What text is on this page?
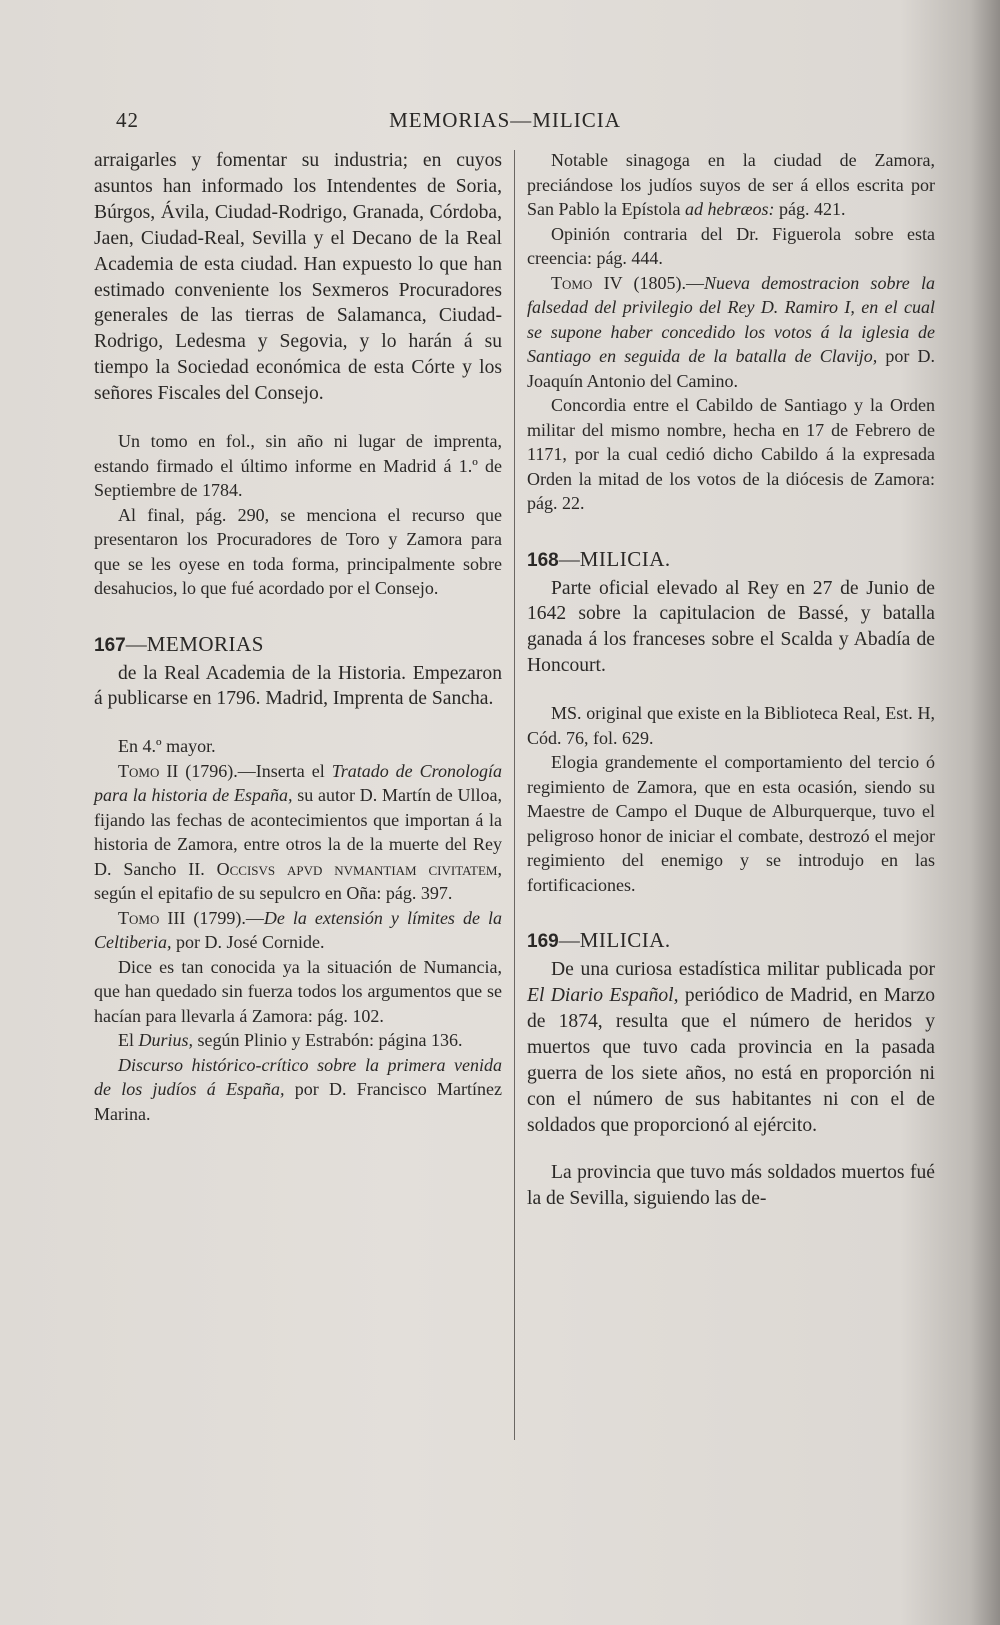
42	MEMORIAS—MILICIA

arraigarles y fomentar su industria; en cuyos asuntos han informado los Intendentes de Soria, Búrgos, Ávila, Ciudad-Rodrigo, Granada, Córdoba, Jaen, Ciudad-Real, Sevilla y el Decano de la Real Academia de esta ciudad. Han expuesto lo que han estimado conveniente los Sexmeros Procuradores generales de las tierras de Salamanca, Ciudad-Rodrigo, Ledesma y Segovia, y lo harán á su tiempo la Sociedad económica de esta Córte y los señores Fiscales del Consejo.

Un tomo en fol., sin año ni lugar de imprenta, estando firmado el último informe en Madrid á 1.º de Septiembre de 1784.

Al final, pág. 290, se menciona el recurso que presentaron los Procuradores de Toro y Zamora para que se les oyese en toda forma, principalmente sobre desahucios, lo que fué acordado por el Consejo.

167—MEMORIAS

de la Real Academia de la Historia. Empezaron á publicarse en 1796. Madrid, Imprenta de Sancha.

En 4.º mayor.

Tomo II (1796).—Inserta el Tratado de Cronología para la historia de España, su autor D. Martín de Ulloa, fijando las fechas de acontecimientos que importan á la historia de Zamora, entre otros la de la muerte del Rey D. Sancho II. Occisvs apvd nvmantiam civitatem, según el epitafio de su sepulcro en Oña: pág. 397.

Tomo III (1799).—De la extensión y límites de la Celtiberia, por D. José Cornide.

Dice es tan conocida ya la situación de Numancia, que han quedado sin fuerza todos los argumentos que se hacían para llevarla á Zamora: pág. 102.

El Durius, según Plinio y Estrabón: página 136.

Discurso histórico-crítico sobre la primera venida de los judíos á España, por D. Francisco Martínez Marina.

Notable sinagoga en la ciudad de Zamora, preciándose los judíos suyos de ser á ellos escrita por San Pablo la Epístola ad hebræos: pág. 421.

Opinión contraria del Dr. Figuerola sobre esta creencia: pág. 444.

Tomo IV (1805).—Nueva demostracion sobre la falsedad del privilegio del Rey D. Ramiro I, en el cual se supone haber concedido los votos á la iglesia de Santiago en seguida de la batalla de Clavijo, por D. Joaquín Antonio del Camino.

Concordia entre el Cabildo de Santiago y la Orden militar del mismo nombre, hecha en 17 de Febrero de 1171, por la cual cedió dicho Cabildo á la expresada Orden la mitad de los votos de la diócesis de Zamora: pág. 22.

168—MILICIA.

Parte oficial elevado al Rey en 27 de Junio de 1642 sobre la capitulacion de Bassé, y batalla ganada á los franceses sobre el Scalda y Abadía de Honcourt.

MS. original que existe en la Biblioteca Real, Est. H, Cód. 76, fol. 629.

Elogia grandemente el comportamiento del tercio ó regimiento de Zamora, que en esta ocasión, siendo su Maestre de Campo el Duque de Alburquerque, tuvo el peligroso honor de iniciar el combate, destrozó el mejor regimiento del enemigo y se introdujo en las fortificaciones.

169—MILICIA.

De una curiosa estadística militar publicada por El Diario Español, periódico de Madrid, en Marzo de 1874, resulta que el número de heridos y muertos que tuvo cada provincia en la pasada guerra de los siete años, no está en proporción ni con el número de sus habitantes ni con el de soldados que proporcionó al ejército.

La provincia que tuvo más soldados muertos fué la de Sevilla, siguiendo las de-
